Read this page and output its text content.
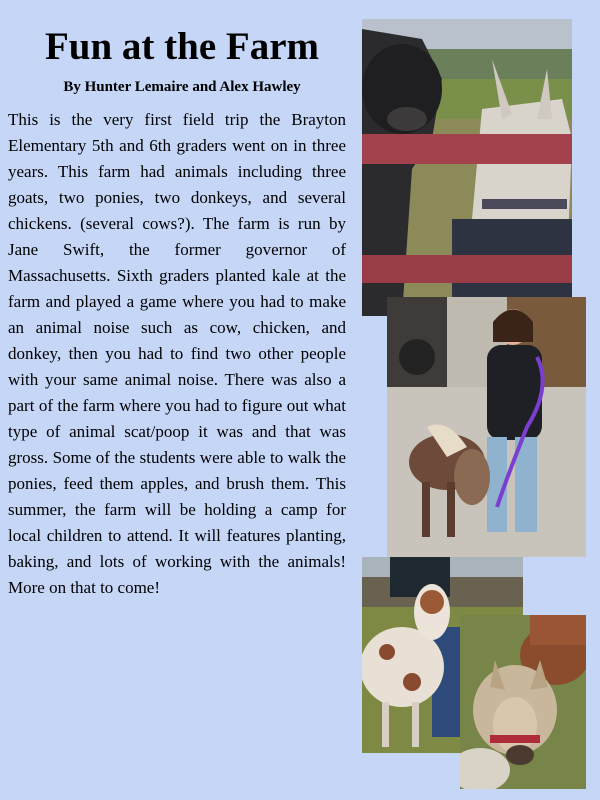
Fun at the Farm
By Hunter Lemaire and Alex Hawley

This is the very first field trip the Brayton Elementary 5th and 6th graders went on in three years. This farm had animals including three goats, two ponies, two donkeys, and several chickens. (several cows?). The farm is run by Jane Swift, the former governor of Massachusetts. Sixth graders planted kale at the farm and played a game where you had to make an animal noise such as cow, chicken, and donkey, then you had to find two other people with your same animal noise. There was also a part of the farm where you had to figure out what type of animal scat/poop it was and that was gross. Some of the students were able to walk the ponies, feed them apples, and brush them. This summer, the farm will be holding a camp for local children to attend. It will features planting, baking, and lots of working with the animals! More on that to come!
